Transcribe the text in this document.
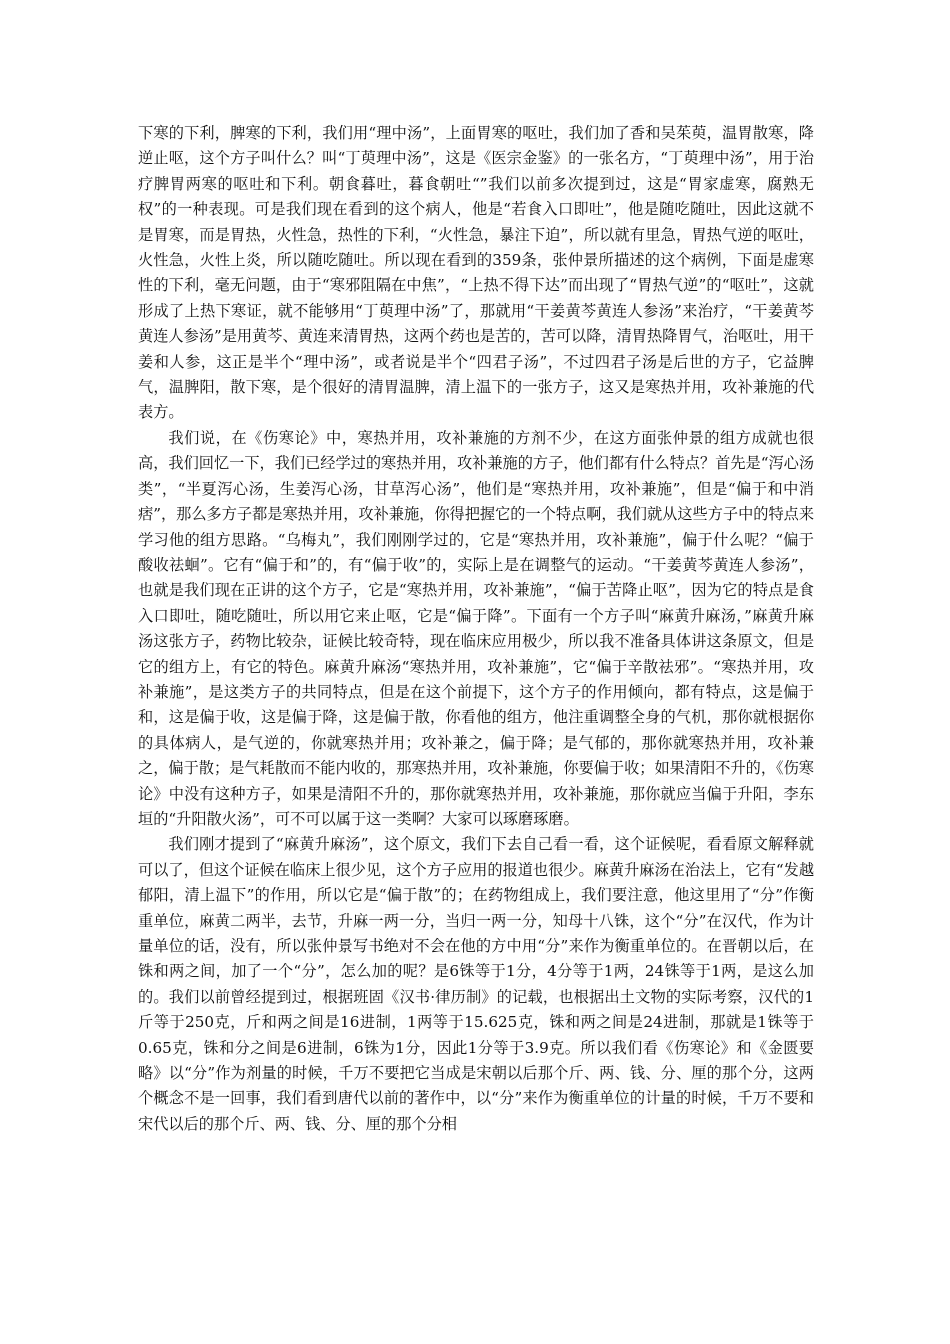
下寒的下利，脾寒的下利，我们用“理中汤”，上面胃寒的呕吐，我们加了香和吴茱萸，温胃散寒，降逆止呕，这个方子叫什么？叫“丁萸理中汤”，这是《医宗金鉴》的一张名方，“丁萸理中汤”，用于治疗脾胃两寒的呕吐和下利。朝食暮吐，暮食朝吐“”我们以前多次提到过，这是“胃家虚寒，腐熟无权”的一种表现。可是我们现在看到的这个病人，他是“若食入口即吐”，他是随吃随吐，因此这就不是胃寒，而是胃热，火性急，热性的下利，“火性急，暴注下迫”，所以就有里急，胃热气逆的呕吐，火性急，火性上炎，所以随吃随吐。所以现在看到的359条，张仲景所描述的这个病例，下面是虚寒性的下利，毫无问题，由于“寒邪阻隔在中焦”，“上热不得下达”而出现了“胃热气逆”的“呕吐”，这就形成了上热下寒证，就不能够用“丁萸理中汤”了，那就用“干姜黄芩黄连人参汤”来治疗，“干姜黄芩黄连人参汤”是用黄芩、黄连来清胃热，这两个药也是苦的，苦可以降，清胃热降胃气，治呕吐，用干姜和人参，这正是半个“理中汤”，或者说是半个“四君子汤”，不过四君子汤是后世的方子，它益脾气，温脾阳，散下寒，是个很好的清胃温脾，清上温下的一张方子，这又是寒热并用，攻补兼施的代表方。

我们说，在《伤寒论》中，寒热并用，攻补兼施的方剂不少，在这方面张仲景的组方成就也很高，我们回忆一下，我们已经学过的寒热并用，攻补兼施的方子，他们都有什么特点？首先是“泻心汤类”，“半夏泻心汤，生姜泻心汤，甘草泻心汤”，他们是“寒热并用，攻补兼施”，但是“偏于和中消痞”，那么多方子都是寒热并用，攻补兼施，你得把握它的一个特点啊，我们就从这些方子中的特点来学习他的组方思路。“乌梅丸”，我们刚刚学过的，它是“寒热并用，攻补兼施”，偏于什么呢？“偏于酸收祛蛔”。它有“偏于和”的，有“偏于收”的，实际上是在调整气的运动。“干姜黄芩黄连人参汤”，也就是我们现在正讲的这个方子，它是“寒热并用，攻补兼施”，“偏于苦降止呕”，因为它的特点是食入口即吐，随吃随吐，所以用它来止呕，它是“偏于降”。下面有一个方子叫“麻黄升麻汤，”麻黄升麻汤这张方子，药物比较杂，证候比较奇特，现在临床应用极少，所以我不准备具体讲这条原文，但是它的组方上，有它的特色。麻黄升麻汤“寒热并用，攻补兼施”，它“偏于辛散祛邪”。“寒热并用，攻补兼施”，是这类方子的共同特点，但是在这个前提下，这个方子的作用倾向，都有特点，这是偏于和，这是偏于收，这是偏于降，这是偏于散，你看他的组方，他注重调整全身的气机，那你就根据你的具体病人，是气逆的，你就寒热并用；攻补兼之，偏于降；是气郁的，那你就寒热并用，攻补兼之，偏于散；是气耗散而不能内收的，那寒热并用，攻补兼施，你要偏于收；如果清阳不升的，《伤寒论》中没有这种方子，如果是清阳不升的，那你就寒热并用，攻补兼施，那你就应当偏于升阳，李东垣的“升阳散火汤”，可不可以属于这一类啊？大家可以琢磨琢磨。

我们刚才提到了“麻黄升麻汤”，这个原文，我们下去自己看一看，这个证候呢，看看原文解释就可以了，但这个证候在临床上很少见，这个方子应用的报道也很少。麻黄升麻汤在治法上，它有“发越郁阳，清上温下”的作用，所以它是“偏于散”的；在药物组成上，我们要注意，他这里用了“分”作衡重单位，麻黄二两半，去节，升麻一两一分，当归一两一分，知母十八铢，这个“分”在汉代，作为计量单位的话，没有，所以张仲景写书绝对不会在他的方中用“分”来作为衡重单位的。在晋朝以后，在铢和两之间，加了一个“分”，怎么加的呢？是6铢等于1分，4分等于1两，24铢等于1两，是这么加的。我们以前曾经提到过，根据班固《汉书·律历制》的记载，也根据出土文物的实际考察，汉代的1斤等于250克，斤和两之间是16进制，1两等于15.625克，铢和两之间是24进制，那就是1铢等于0.65克，铢和分之间是6进制，6铢为1分，因此1分等于3.9克。所以我们看《伤寒论》和《金匮要略》以“分”作为剂量的时候，千万不要把它当成是宋朝以后那个斤、两、钱、分、厘的那个分，这两个概念不是一回事，我们看到唐代以前的著作中，以“分”来作为衡重单位的计量的时候，千万不要和宋代以后的那个斤、两、钱、分、厘的那个分相
